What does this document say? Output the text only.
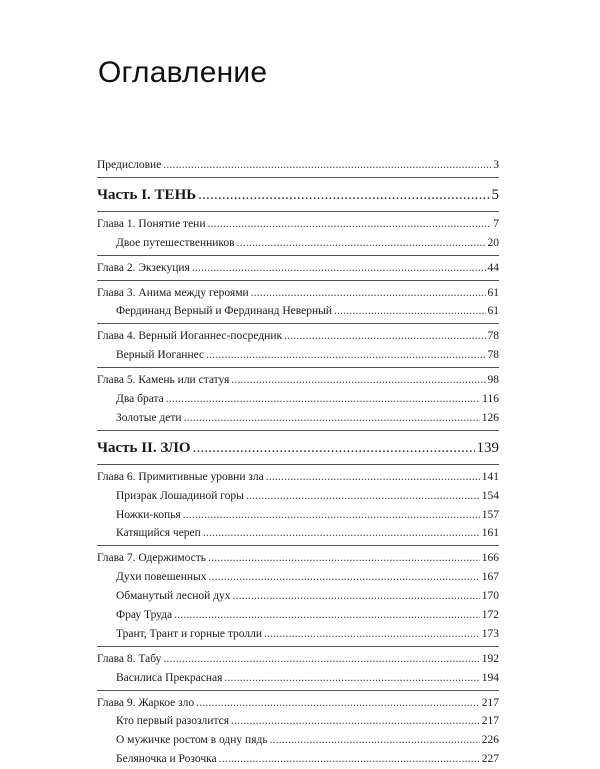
Оглавление
Предисловие .....	3
Часть I. ТЕНЬ .....	5
Глава 1. Понятие тени .....	7
Двое путешественников .....	20
Глава 2. Экзекуция .....	44
Глава 3. Анима между героями .....	61
Фердинанд Верный и Фердинанд Неверный .....	61
Глава 4. Верный Иоганнес-посредник .....	78
Верный Иоганнес .....	78
Глава 5. Камень или статуя .....	98
Два брата .....	116
Золотые дети .....	126
Часть II. ЗЛО .....	139
Глава 6. Примитивные уровни зла .....	141
Призрак Лошадиной горы .....	154
Ножки-копья .....	157
Катящийся череп .....	161
Глава 7. Одержимость .....	166
Духи повешенных .....	167
Обманутый лесной дух .....	170
Фрау Труда .....	172
Трант, Трант и горные тролли .....	173
Глава 8. Табу .....	192
Василиса Прекрасная .....	194
Глава 9. Жаркое зло .....	217
Кто первый разозлится .....	217
О мужичке ростом в одну пядь .....	226
Беляночка и Розочка .....	227
